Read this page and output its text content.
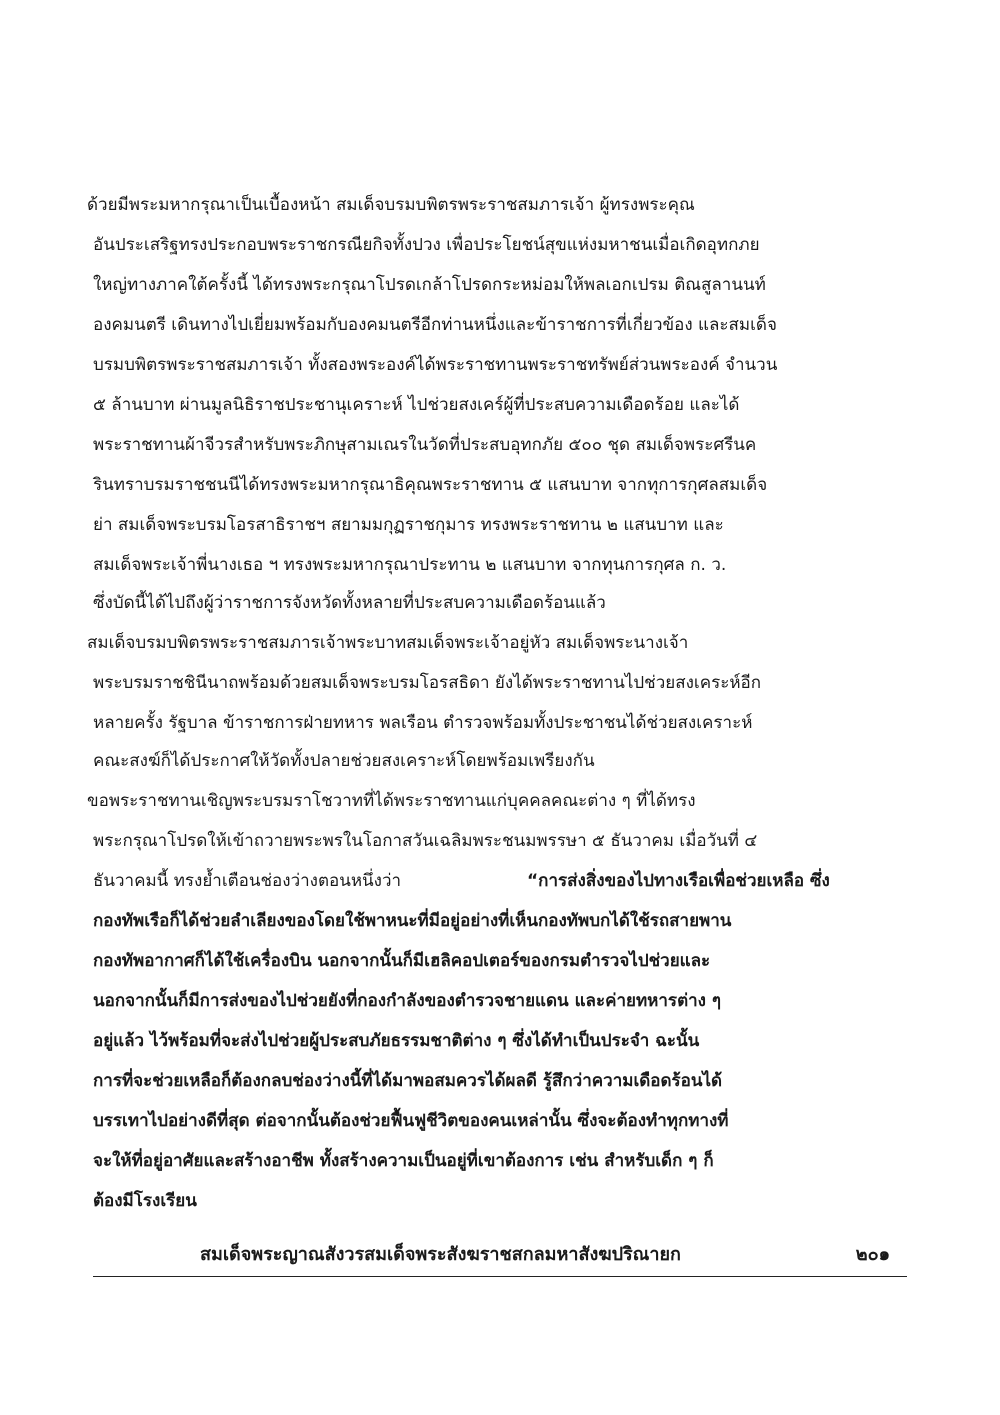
ด้วยมีพระมหากรุณาเป็นเบื้องหน้า สมเด็จบรมบพิตรพระราชสมภารเจ้า ผู้ทรงพระคุณ
อันประเสริฐทรงประกอบพระราชกรณียกิจทั้งปวง เพื่อประโยชน์สุขแห่งมหาชนเมื่อเกิดอุทกภย
ใหญ่ทางภาคใต้ครั้งนี้ ได้ทรงพระกรุณาโปรดเกล้าโปรดกระหม่อมให้พลเอกเปรม ติณสูลานนท์
องคมนตรี เดินทางไปเยี่ยมพร้อมกับองคมนตรีอีกท่านหนึ่งและข้าราชการที่เกี่ยวข้อง และสมเด็จ
บรมบพิตรพระราชสมภารเจ้า ทั้งสองพระองค์ได้พระราชทานพระราชทรัพย์ส่วนพระองค์ จำนวน
๕ ล้านบาท ผ่านมูลนิธิราชประชานุเคราะห์ ไปช่วยสงเคร์ผู้ที่ประสบความเดือดร้อย และได้
พระราชทานผ้าจีวรสำหรับพระภิกษุสามเณรในวัดที่ประสบอุทกภัย ๕๐๐ ชุด สมเด็จพระศรีนค
รินทราบรมราชชนนีได้ทรงพระมหากรุณาธิคุณพระราชทาน ๕ แสนบาท จากทุการกุศลสมเด็จ
ย่า สมเด็จพระบรมโอรสาธิราชฯ สยามมกุฏราชกุมาร ทรงพระราชทาน ๒ แสนบาท และ
สมเด็จพระเจ้าพี่นางเธอ ฯ ทรงพระมหากรุณาประทาน ๒ แสนบาท จากทุนการกุศล ก. ว.
ซึ่งบัดนี้ได้ไปถึงผู้ว่าราชการจังหวัดทั้งหลายที่ประสบความเดือดร้อนแล้ว
สมเด็จบรมบพิตรพระราชสมภารเจ้าพระบาทสมเด็จพระเจ้าอยู่หัว สมเด็จพระนางเจ้า
พระบรมราชชินีนาถพร้อมด้วยสมเด็จพระบรมโอรสธิดา ยังได้พระราชทานไปช่วยสงเคระห์อีก
หลายครั้ง รัฐบาล ข้าราชการฝ่ายทหาร พลเรือน ตำรวจพร้อมทั้งประชาชนได้ช่วยสงเคราะห์
คณะสงฆ์ก็ได้ประกาศให้วัดทั้งปลายช่วยสงเคราะห์โดยพร้อมเพรียงกัน
ขอพระราชทานเชิญพระบรมราโชวาทที่ได้พระราชทานแก่บุคคลคณะต่าง ๆ ที่ได้ทรง
พระกรุณาโปรดให้เข้าถวายพระพรในโอกาสวันเฉลิมพระชนมพรรษา ๕ ธันวาคม เมื่อวันที่ ๔
ธันวาคมนี้ ทรงย้ำเตือนช่องว่างตอนหนึ่งว่า	“การส่งสิ่งของไปทางเรือเพื่อช่วยเหลือ ซึ่ง
กองทัพเรือก็ได้ช่วยลำเลียงของโดยใช้พาหนะที่มีอยู่อย่างที่เห็นกองทัพบกได้ใช้รถสายพาน
กองทัพอากาศก็ได้ใช้เครื่องบิน นอกจากนั้นก็มีเฮลิคอปเตอร์ของกรมตำรวจไปช่วยและ
นอกจากนั้นก็มีการส่งของไปช่วยยังที่กองกำลังของตำรวจชายแดน และค่ายทหารต่าง ๆ
อยู่แล้ว ไว้พร้อมที่จะส่งไปช่วยผู้ประสบภัยธรรมชาติต่าง ๆ ซึ่งได้ทำเป็นประจำ ฉะนั้น
การที่จะช่วยเหลือก็ต้องกลบช่องว่างนี้ที่ได้มาพอสมควรได้ผลดี รู้สึกว่าความเดือดร้อนได้
บรรเทาไปอย่างดีที่สุด ต่อจากนั้นต้องช่วยฟื้นฟูชีวิตของคนเหล่านั้น ซึ่งจะต้องทำทุกทางที่
จะให้ที่อยู่อาศัยและสร้างอาชีพ ทั้งสร้างความเป็นอยู่ที่เขาต้องการ เช่น สำหรับเด็ก ๆ ก็
ต้องมีโรงเรียน
สมเด็จพระญาณสังวรสมเด็จพระสังฆราชสกลมหาสังฆปริณายก	๒๐๑
